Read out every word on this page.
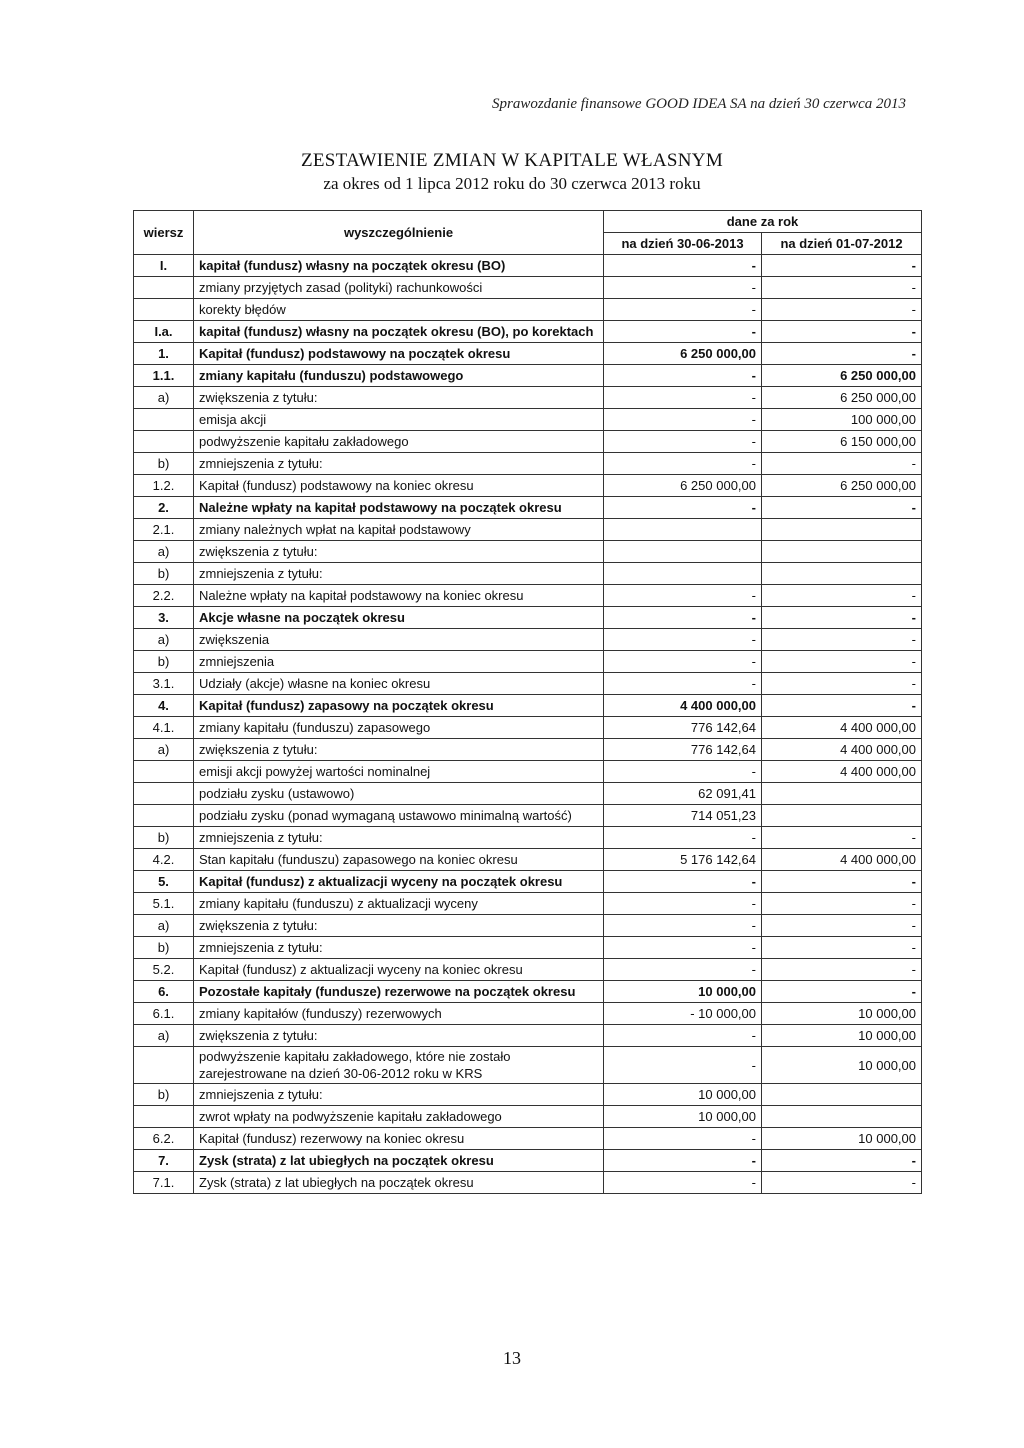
Sprawozdanie finansowe GOOD IDEA SA na dzień 30 czerwca 2013
ZESTAWIENIE ZMIAN W KAPITALE WŁASNYM
za okres od 1 lipca 2012 roku do 30 czerwca 2013 roku
wiersz	wyszczególnienie	dane za rok	
		na dzień 30-06-2013	na dzień 01-07-2012
I.	kapitał (fundusz) własny na początek okresu (BO)	-	-
	zmiany przyjętych zasad (polityki) rachunkowości	-	-
	korekty błędów	-	-
I.a.	kapitał (fundusz) własny na początek okresu (BO), po korektach	-	-
1.	Kapitał (fundusz) podstawowy na początek okresu	6 250 000,00	-
1.1.	zmiany kapitału (funduszu) podstawowego	-	6 250 000,00
a)	zwiększenia z tytułu:	-	6 250 000,00
	emisja akcji	-	100 000,00
	podwyższenie kapitału zakładowego	-	6 150 000,00
b)	zmniejszenia z tytułu:	-	-
1.2.	Kapitał (fundusz) podstawowy na koniec okresu	6 250 000,00	6 250 000,00
2.	Należne wpłaty na kapitał podstawowy na początek okresu	-	-
2.1.	zmiany należnych wpłat na kapitał podstawowy		
a)	zwiększenia z tytułu:		
b)	zmniejszenia z tytułu:		
2.2.	Należne wpłaty na kapitał podstawowy na koniec okresu	-	-
3.	Akcje własne na początek okresu	-	-
a)	zwiększenia	-	-
b)	zmniejszenia	-	-
3.1.	Udziały (akcje) własne na koniec okresu	-	-
4.	Kapitał (fundusz) zapasowy na początek okresu	4 400 000,00	-
4.1.	zmiany kapitału (funduszu) zapasowego	776 142,64	4 400 000,00
a)	zwiększenia z tytułu:	776 142,64	4 400 000,00
	emisji akcji powyżej wartości nominalnej	-	4 400 000,00
	podziału zysku (ustawowo)	62 091,41	
	podziału zysku (ponad wymaganą ustawowo minimalną wartość)	714 051,23	
b)	zmniejszenia z tytułu:	-	-
4.2.	Stan kapitału (funduszu) zapasowego na koniec okresu	5 176 142,64	4 400 000,00
5.	Kapitał (fundusz) z aktualizacji wyceny na początek okresu	-	-
5.1.	zmiany kapitału (funduszu) z aktualizacji wyceny	-	-
a)	zwiększenia z tytułu:	-	-
b)	zmniejszenia z tytułu:	-	-
5.2.	Kapitał (fundusz) z aktualizacji wyceny na koniec okresu	-	-
6.	Pozostałe kapitały (fundusze) rezerwowe na początek okresu	10 000,00	-
6.1.	zmiany kapitałów (funduszy) rezerwowych	- 10 000,00	10 000,00
a)	zwiększenia z tytułu:	-	10 000,00
	podwyższenie kapitału zakładowego, które nie zostało zarejestrowane na dzień 30-06-2012 roku w KRS	-	10 000,00
b)	zmniejszenia z tytułu:	10 000,00	
	zwrot wpłaty na podwyższenie kapitału zakładowego	10 000,00	
6.2.	Kapitał (fundusz) rezerwowy na koniec okresu	-	10 000,00
7.	Zysk (strata) z lat ubiegłych na początek okresu	-	-
7.1.	Zysk (strata) z lat ubiegłych na początek okresu	-	-
13
